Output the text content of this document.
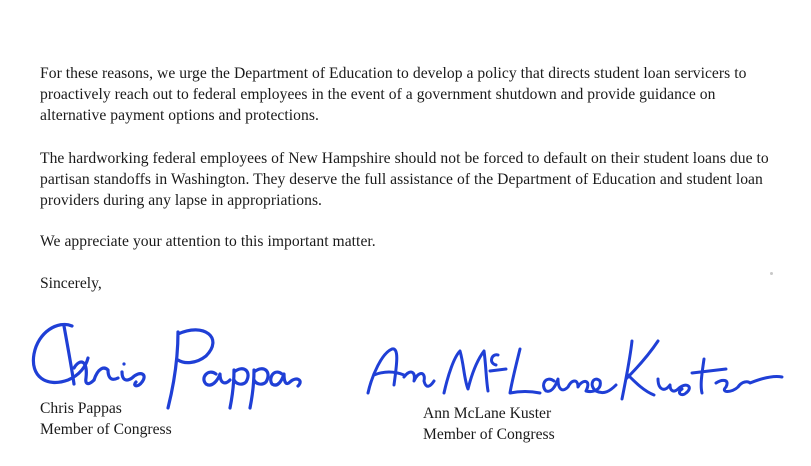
For these reasons, we urge the Department of Education to develop a policy that directs student loan servicers to proactively reach out to federal employees in the event of a government shutdown and provide guidance on alternative payment options and protections.

The hardworking federal employees of New Hampshire should not be forced to default on their student loans due to partisan standoffs in Washington. They deserve the full assistance of the Department of Education and student loan providers during any lapse in appropriations.

We appreciate your attention to this important matter.

Sincerely,
Chris Pappas
Member of Congress
Ann McLane Kuster
Member of Congress
